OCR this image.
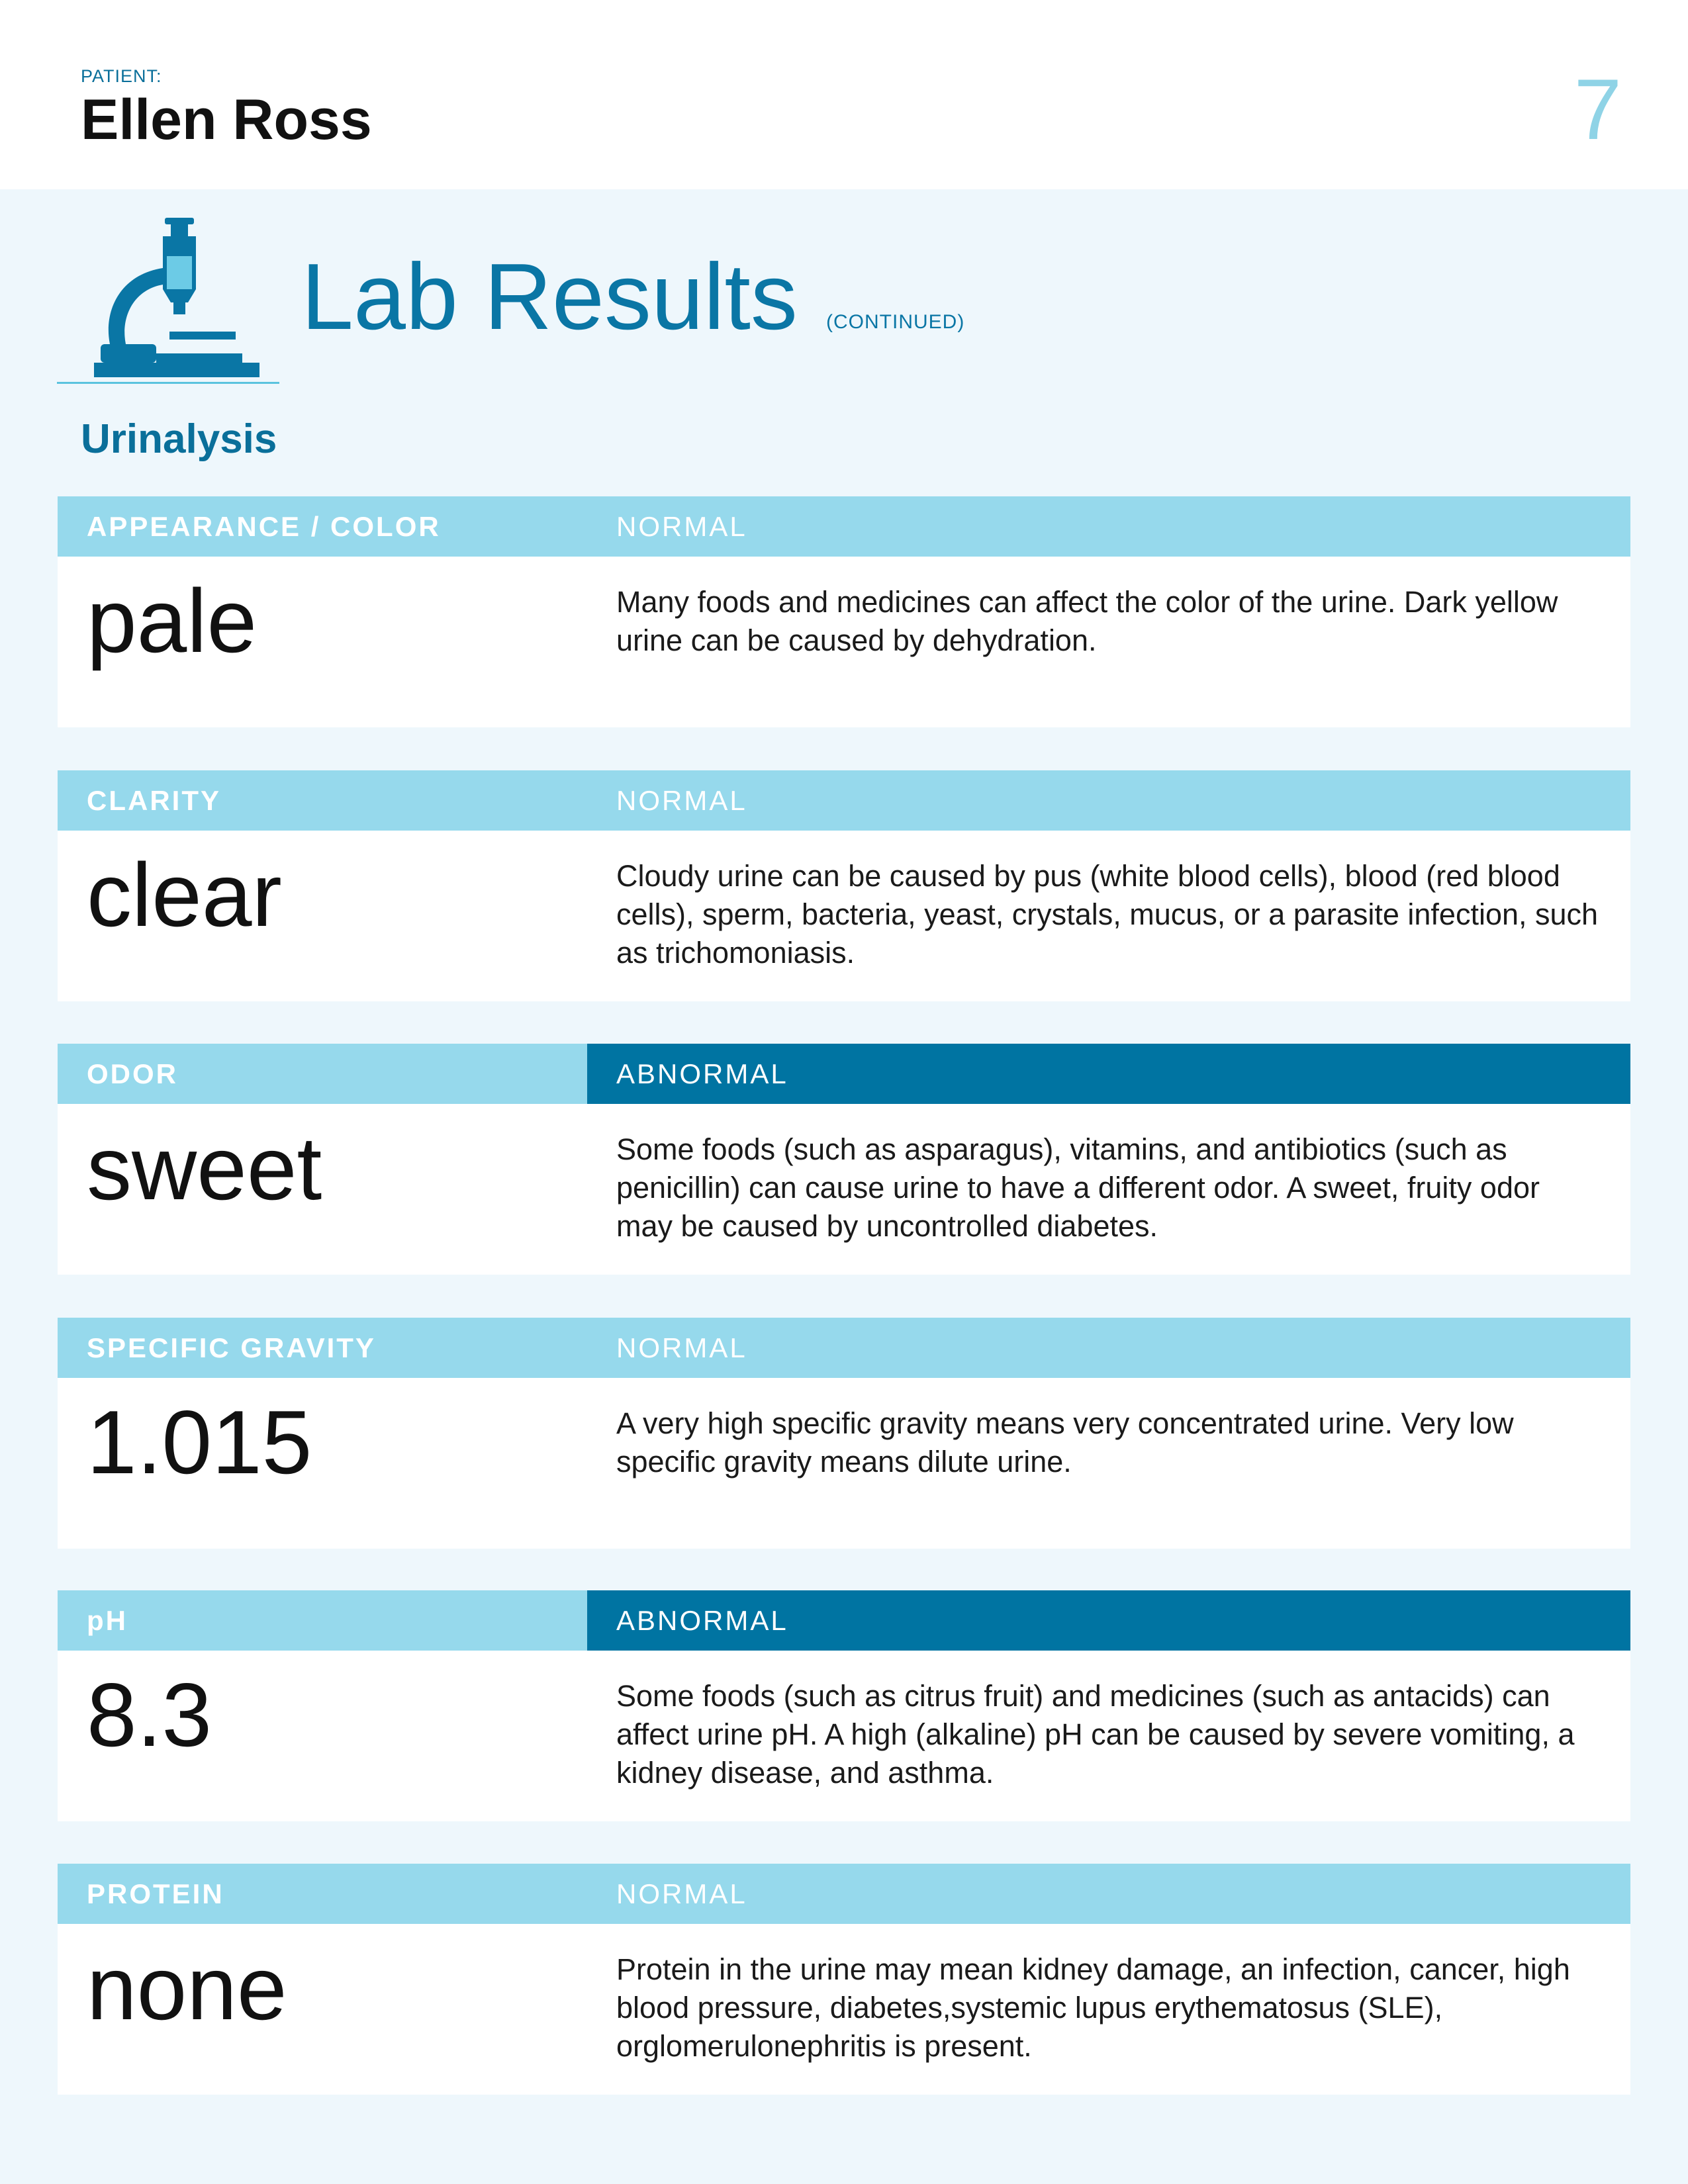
PATIENT:
Ellen Ross	7
Lab Results (CONTINUED)
Urinalysis
APPEARANCE / COLOR	NORMAL
pale	Many foods and medicines can affect the color of the urine. Dark yellow urine can be caused by dehydration.
CLARITY	NORMAL
clear	Cloudy urine can be caused by pus (white blood cells), blood (red blood cells), sperm, bacteria, yeast, crystals, mucus, or a parasite infection, such as trichomoniasis.
ODOR	ABNORMAL
sweet	Some foods (such as asparagus), vitamins, and antibiotics (such as penicillin) can cause urine to have a different odor. A sweet, fruity odor may be caused by uncontrolled diabetes.
SPECIFIC GRAVITY	NORMAL
1.015	A very high specific gravity means very concentrated urine. Very low specific gravity means dilute urine.
pH	ABNORMAL
8.3	Some foods (such as citrus fruit) and medicines (such as antacids) can affect urine pH. A high (alkaline) pH can be caused by severe vomiting, a kidney disease, and asthma.
PROTEIN	NORMAL
none	Protein in the urine may mean kidney damage, an infection, cancer, high blood pressure, diabetes,systemic lupus erythematosus (SLE), orglomerulonephritis is present.
